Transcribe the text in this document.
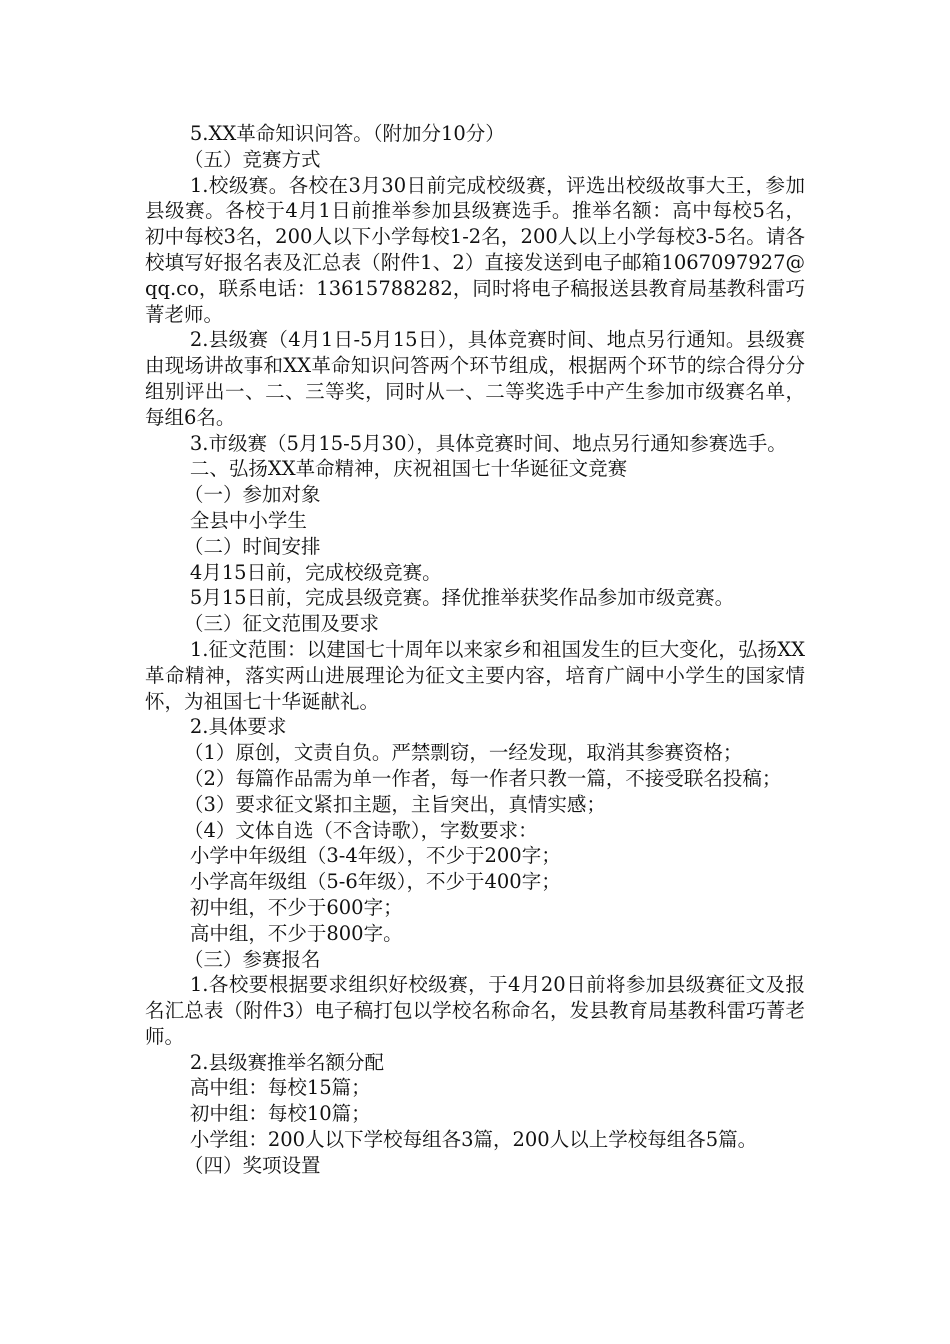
5.XX革命知识问答。（附加分10分）

（五）竞赛方式

1.校级赛。各校在3月30日前完成校级赛，评选出校级故事大王，参加县级赛。各校于4月1日前推举参加县级赛选手。推举名额：高中每校5名，初中每校3名，200人以下小学每校1-2名，200人以上小学每校3-5名。请各校填写好报名表及汇总表（附件1、2）直接发送到电子邮箱1067097927@qq.co，联系电话：13615788282，同时将电子稿报送县教育局基教科雷巧菁老师。

2.县级赛（4月1日-5月15日），具体竞赛时间、地点另行通知。县级赛由现场讲故事和XX革命知识问答两个环节组成，根据两个环节的综合得分分组别评出一、二、三等奖，同时从一、二等奖选手中产生参加市级赛名单，每组6名。

3.市级赛（5月15-5月30），具体竞赛时间、地点另行通知参赛选手。

二、弘扬XX革命精神，庆祝祖国七十华诞征文竞赛

（一）参加对象

全县中小学生

（二）时间安排

4月15日前，完成校级竞赛。

5月15日前，完成县级竞赛。择优推举获奖作品参加市级竞赛。

（三）征文范围及要求

1.征文范围：以建国七十周年以来家乡和祖国发生的巨大变化，弘扬XX革命精神，落实两山进展理论为征文主要内容，培育广阔中小学生的国家情怀，为祖国七十华诞献礼。

2.具体要求

（1）原创，文责自负。严禁剽窃，一经发现，取消其参赛资格；

（2）每篇作品需为单一作者，每一作者只教一篇，不接受联名投稿；

（3）要求征文紧扣主题，主旨突出，真情实感；

（4）文体自选（不含诗歌），字数要求：

小学中年级组（3-4年级），不少于200字；

小学高年级组（5-6年级），不少于400字；

初中组，不少于600字；

高中组，不少于800字。

（三）参赛报名

1.各校要根据要求组织好校级赛，于4月20日前将参加县级赛征文及报名汇总表（附件3）电子稿打包以学校名称命名，发县教育局基教科雷巧菁老师。

2.县级赛推举名额分配

高中组：每校15篇；

初中组：每校10篇；

小学组：200人以下学校每组各3篇，200人以上学校每组各5篇。

（四）奖项设置
